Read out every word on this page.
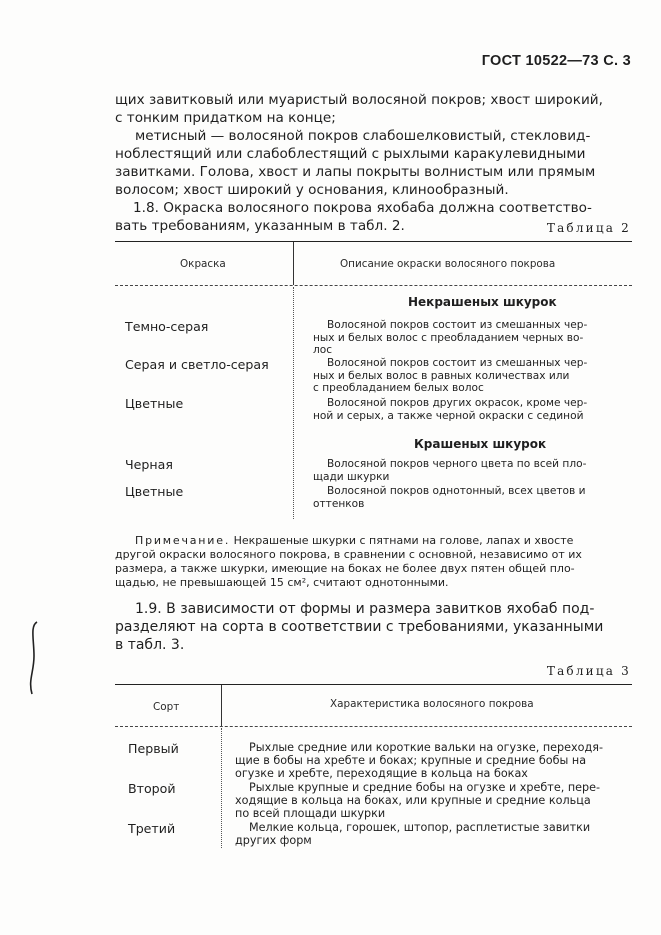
ГОСТ 10522—73 С. 3
щих завитковый или муаристый волосяной покров; хвост широкий,
с тонким придатком на конце;
метисный — волосяной покров слабошелковистый, стекловид-
ноблестящий или слабоблестящий с рыхлыми каракулевидными
завитками. Голова, хвост и лапы покрыты волнистым или прямым
волосом; хвост широкий у основания, клинообразный.
1.8. Окраска волосяного покрова яхобаба должна соответство-
вать требованиям, указанным в табл. 2.	Таблица 2
Окраска	Описание окраски волосяного покрова
Некрашеных шкурок
Темно-серая	Волосяной покров состоит из смешанных чер-
ных и белых волос с преобладанием черных во-
лос
Серая и светло-серая	Волосяной покров состоит из смешанных чер-
ных и белых волос в равных количествах или
с преобладанием белых волос
Цветные	Волосяной покров других окрасок, кроме чер-
ной и серых, а также черной окраски с сединой
Крашеных шкурок
Черная	Волосяной покров черного цвета по всей пло-
щади шкурки
Цветные	Волосяной покров однотонный, всех цветов и
оттенков
Примечание. Некрашеные шкурки с пятнами на голове, лапах и хвосте
другой окраски волосяного покрова, в сравнении с основной, независимо от их
размера, а также шкурки, имеющие на боках не более двух пятен общей пло-
щадью, не превышающей 15 см², считают однотонными.
1.9. В зависимости от формы и размера завитков яхобаб под-
разделяют на сорта в соответствии с требованиями, указанными
в табл. 3.
Таблица 3
Сорт	Характеристика волосяного покрова
Первый	Рыхлые средние или короткие вальки на огузке, переходя-
щие в бобы на хребте и боках; крупные и средние бобы на
огузке и хребте, переходящие в кольца на боках
Второй	Рыхлые крупные и средние бобы на огузке и хребте, пере-
ходящие в кольца на боках, или крупные и средние кольца
по всей площади шкурки
Третий	Мелкие кольца, горошек, штопор, расплетистые завитки
других форм
